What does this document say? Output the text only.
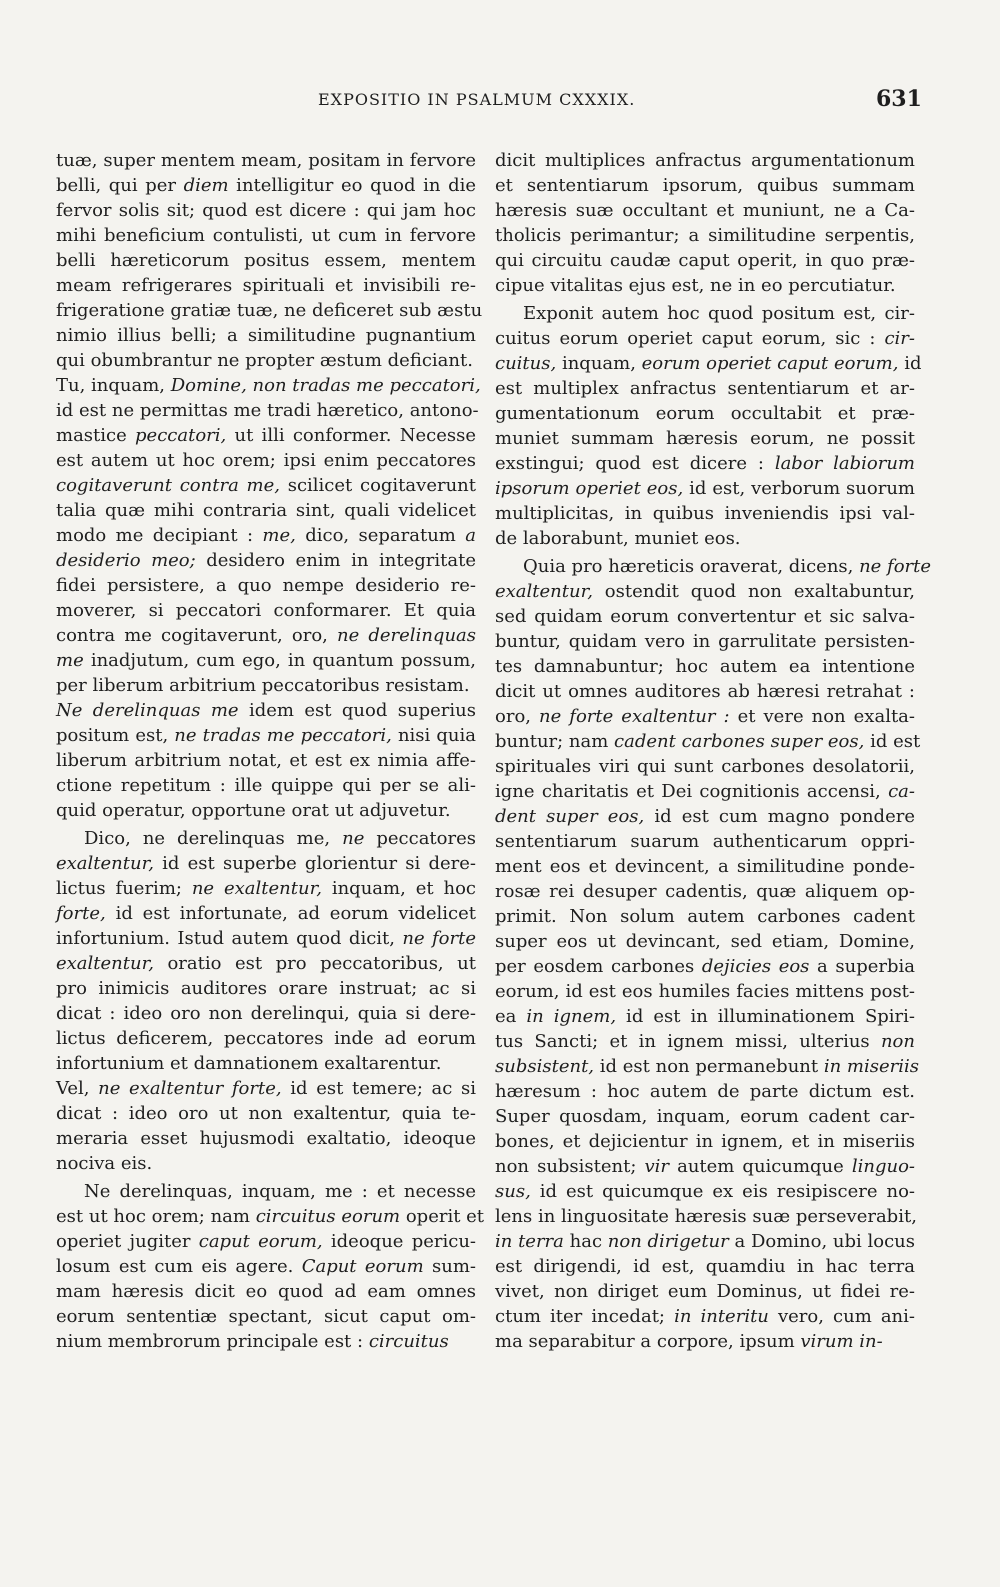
EXPOSITIO IN PSALMUM CXXXIX.	631
tuæ, super mentem meam, positam in fervore
belli, qui per diem intelligitur eo quod in die
fervor solis sit; quod est dicere : qui jam hoc
mihi beneficium contulisti, ut cum in fervore
belli hæreticorum positus essem, mentem
meam refrigerares spirituali et invisibili re-
frigeratione gratiæ tuæ, ne deficeret sub æstu
nimio illius belli; a similitudine pugnantium
qui obumbrantur ne propter æstum deficiant.
Tu, inquam, Domine, non tradas me peccatori,
id est ne permittas me tradi hæretico, antono-
mastice peccatori, ut illi conformer. Necesse
est autem ut hoc orem; ipsi enim peccatores
cogitaverunt contra me, scilicet cogitaverunt
talia quæ mihi contraria sint, quali videlicet
modo me decipiant : me, dico, separatum a
desiderio meo; desidero enim in integritate
fidei persistere, a quo nempe desiderio re-
moverer, si peccatori conformarer. Et quia
contra me cogitaverunt, oro, ne derelinquas
me inadjutum, cum ego, in quantum possum,
per liberum arbitrium peccatoribus resistam.
Ne derelinquas me idem est quod superius
positum est, ne tradas me peccatori, nisi quia
liberum arbitrium notat, et est ex nimia affe-
ctione repetitum : ille quippe qui per se ali-
quid operatur, opportune orat ut adjuvetur.
Dico, ne derelinquas me, ne peccatores
exaltentur, id est superbe glorientur si dere-
lictus fuerim; ne exaltentur, inquam, et hoc
forte, id est infortunate, ad eorum videlicet
infortunium. Istud autem quod dicit, ne forte
exaltentur, oratio est pro peccatoribus, ut
pro inimicis auditores orare instruat; ac si
dicat : ideo oro non derelinqui, quia si dere-
lictus deficerem, peccatores inde ad eorum
infortunium et damnationem exaltarentur.
Vel, ne exaltentur forte, id est temere; ac si
dicat : ideo oro ut non exaltentur, quia te-
meraria esset hujusmodi exaltatio, ideoque
nociva eis.
Ne derelinquas, inquam, me : et necesse
est ut hoc orem; nam circuitus eorum operit et
operiet jugiter caput eorum, ideoque pericu-
losum est cum eis agere. Caput eorum sum-
mam hæresis dicit eo quod ad eam omnes
eorum sententiæ spectant, sicut caput om-
nium membrorum principale est : circuitus
dicit multiplices anfractus argumentationum
et sententiarum ipsorum, quibus summam
hæresis suæ occultant et muniunt, ne a Ca-
tholicis perimantur; a similitudine serpentis,
qui circuitu caudæ caput operit, in quo præ-
cipue vitalitas ejus est, ne in eo percutiatur.
Exponit autem hoc quod positum est, cir-
cuitus eorum operiet caput eorum, sic : cir-
cuitus, inquam, eorum operiet caput eorum, id
est multiplex anfractus sententiarum et ar-
gumentationum eorum occultabit et præ-
muniet summam hæresis eorum, ne possit
exstingui; quod est dicere : labor labiorum
ipsorum operiet eos, id est, verborum suorum
multiplicitas, in quibus inveniendis ipsi val-
de laborabunt, muniet eos.
Quia pro hæreticis oraverat, dicens, ne forte
exaltentur, ostendit quod non exaltabuntur,
sed quidam eorum convertentur et sic salva-
buntur, quidam vero in garrulitate persisten-
tes damnabuntur; hoc autem ea intentione
dicit ut omnes auditores ab hæresi retrahat :
oro, ne forte exaltentur : et vere non exalta-
buntur; nam cadent carbones super eos, id est
spirituales viri qui sunt carbones desolatorii,
igne charitatis et Dei cognitionis accensi, ca-
dent super eos, id est cum magno pondere
sententiarum suarum authenticarum oppri-
ment eos et devincent, a similitudine ponde-
rosæ rei desuper cadentis, quæ aliquem op-
primit. Non solum autem carbones cadent
super eos ut devincant, sed etiam, Domine,
per eosdem carbones dejicies eos a superbia
eorum, id est eos humiles facies mittens post-
ea in ignem, id est in illuminationem Spiri-
tus Sancti; et in ignem missi, ulterius non
subsistent, id est non permanebunt in miseriis
hæresum : hoc autem de parte dictum est.
Super quosdam, inquam, eorum cadent car-
bones, et dejicientur in ignem, et in miseriis
non subsistent; vir autem quicumque linguo-
sus, id est quicumque ex eis resipiscere no-
lens in linguositate hæresis suæ perseverabit,
in terra hac non dirigetur a Domino, ubi locus
est dirigendi, id est, quamdiu in hac terra
vivet, non diriget eum Dominus, ut fidei re-
ctum iter incedat; in interitu vero, cum ani-
ma separabitur a corpore, ipsum virum in-
